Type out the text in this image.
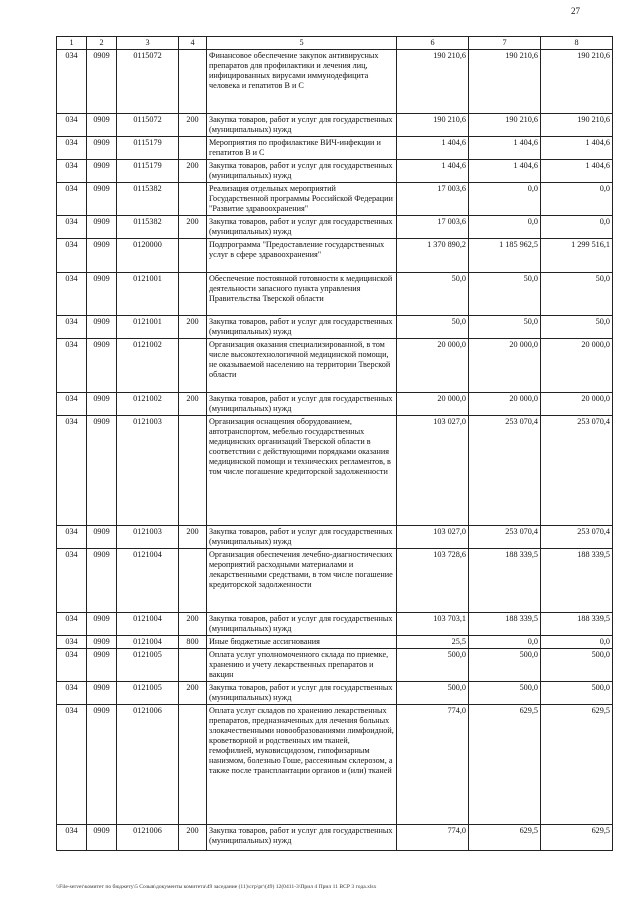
27
1	2	3	4	5	6	7	8
034	0909	0115072		Финансовое обеспечение закупок антивирусных препаратов для профилактики и лечения лиц, инфицированных вирусами иммунодефицита человека и гепатитов В и С	190 210,6	190 210,6	190 210,6
034	0909	0115072	200	Закупка товаров, работ и услуг для государственных (муниципальных) нужд	190 210,6	190 210,6	190 210,6
034	0909	0115179		Мероприятия по профилактике ВИЧ-инфекции и гепатитов В и С	1 404,6	1 404,6	1 404,6
034	0909	0115179	200	Закупка товаров, работ и услуг для государственных (муниципальных) нужд	1 404,6	1 404,6	1 404,6
034	0909	0115382		Реализация отдельных мероприятий Государственной программы Российской Федерации "Развитие здравоохранения"	17 003,6	0,0	0,0
034	0909	0115382	200	Закупка товаров, работ и услуг для государственных (муниципальных) нужд	17 003,6	0,0	0,0
034	0909	0120000		Подпрограмма "Предоставление государственных услуг в сфере здравоохранения"	1 370 890,2	1 185 962,5	1 299 516,1
034	0909	0121001		Обеспечение постоянной готовности к медицинской деятельности запасного пункта управления Правительства Тверской области	50,0	50,0	50,0
034	0909	0121001	200	Закупка товаров, работ и услуг для государственных (муниципальных) нужд	50,0	50,0	50,0
034	0909	0121002		Организация оказания специализированной, в том числе высокотехнологичной медицинской помощи, не оказываемой населению на территории Тверской области	20 000,0	20 000,0	20 000,0
034	0909	0121002	200	Закупка товаров, работ и услуг для государственных (муниципальных) нужд	20 000,0	20 000,0	20 000,0
034	0909	0121003		Организация оснащения оборудованием, автотранспортом, мебелью государственных медицинских организаций Тверской области в соответствии с действующими порядками оказания медицинской помощи и технических регламентов, в том числе погашение кредиторской задолженности	103 027,0	253 070,4	253 070,4
034	0909	0121003	200	Закупка товаров, работ и услуг для государственных (муниципальных) нужд	103 027,0	253 070,4	253 070,4
034	0909	0121004		Организация обеспечения лечебно-диагностических мероприятий расходными материалами и лекарственными средствами, в том числе погашение кредиторской задолженности	103 728,6	188 339,5	188 339,5
034	0909	0121004	200	Закупка товаров, работ и услуг для государственных (муниципальных) нужд	103 703,1	188 339,5	188 339,5
034	0909	0121004	800	Иные бюджетные ассигнования	25,5	0,0	0,0
034	0909	0121005		Оплата услуг уполномоченного склада по приемке, хранению и учету лекарственных препаратов и вакцин	500,0	500,0	500,0
034	0909	0121005	200	Закупка товаров, работ и услуг для государственных (муниципальных) нужд	500,0	500,0	500,0
034	0909	0121006		Оплата услуг складов по хранению лекарственных препаратов, предназначенных для лечения больных злокачественными новообразованиями лимфоидной, кроветворной и родственных им тканей, гемофилией, муковисцидозом, гипофизарным нанизмом, болезнью Гоше, рассеянным склерозом, а также после трансплантации органов и (или) тканей	774,0	629,5	629,5
034	0909	0121006	200	Закупка товаров, работ и услуг для государственных (муниципальных) нужд	774,0	629,5	629,5
\\File-server\комитет по бюджету\5 Созыв\документы комитета\49 заседание (11)\сгр\рг\(49) 12(0411-3\Прил 4 Прил 11 ВСР 3 года.xlsx
